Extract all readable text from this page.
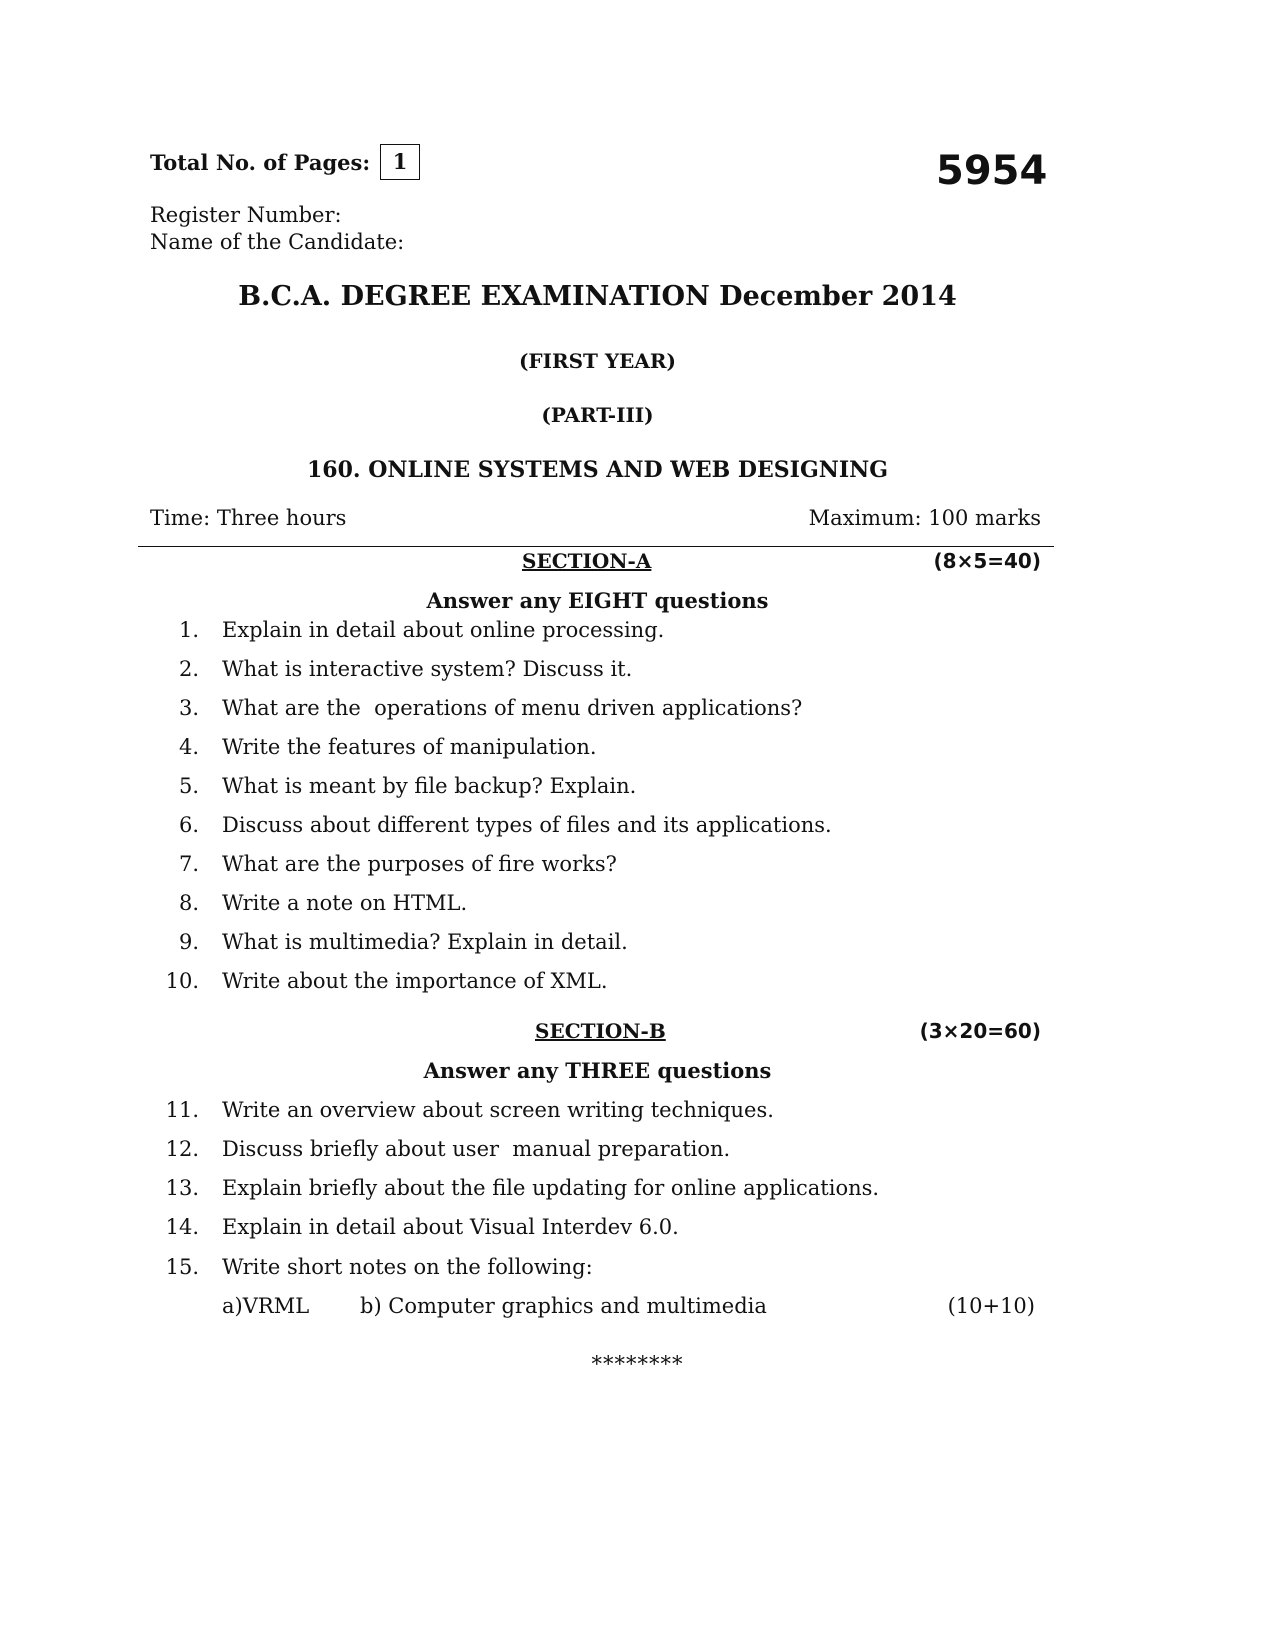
Total No. of Pages:	1	5954
Register Number:
Name of the Candidate:
B.C.A. DEGREE EXAMINATION December 2014
(FIRST YEAR)
(PART-III)
160. ONLINE SYSTEMS AND WEB DESIGNING
Time: Three hours	Maximum: 100 marks
SECTION-A	(8×5=40)
Answer any EIGHT questions
1. Explain in detail about online processing.
2. What is interactive system? Discuss it.
3. What are the  operations of menu driven applications?
4. Write the features of manipulation.
5. What is meant by file backup? Explain.
6. Discuss about different types of files and its applications.
7. What are the purposes of fire works?
8. Write a note on HTML.
9. What is multimedia? Explain in detail.
10. Write about the importance of XML.
SECTION-B	(3×20=60)
Answer any THREE questions
11. Write an overview about screen writing techniques.
12. Discuss briefly about user  manual preparation.
13. Explain briefly about the file updating for online applications.
14. Explain in detail about Visual Interdev 6.0.
15. Write short notes on the following:
a)VRML b) Computer graphics and multimedia	(10+10)
********
